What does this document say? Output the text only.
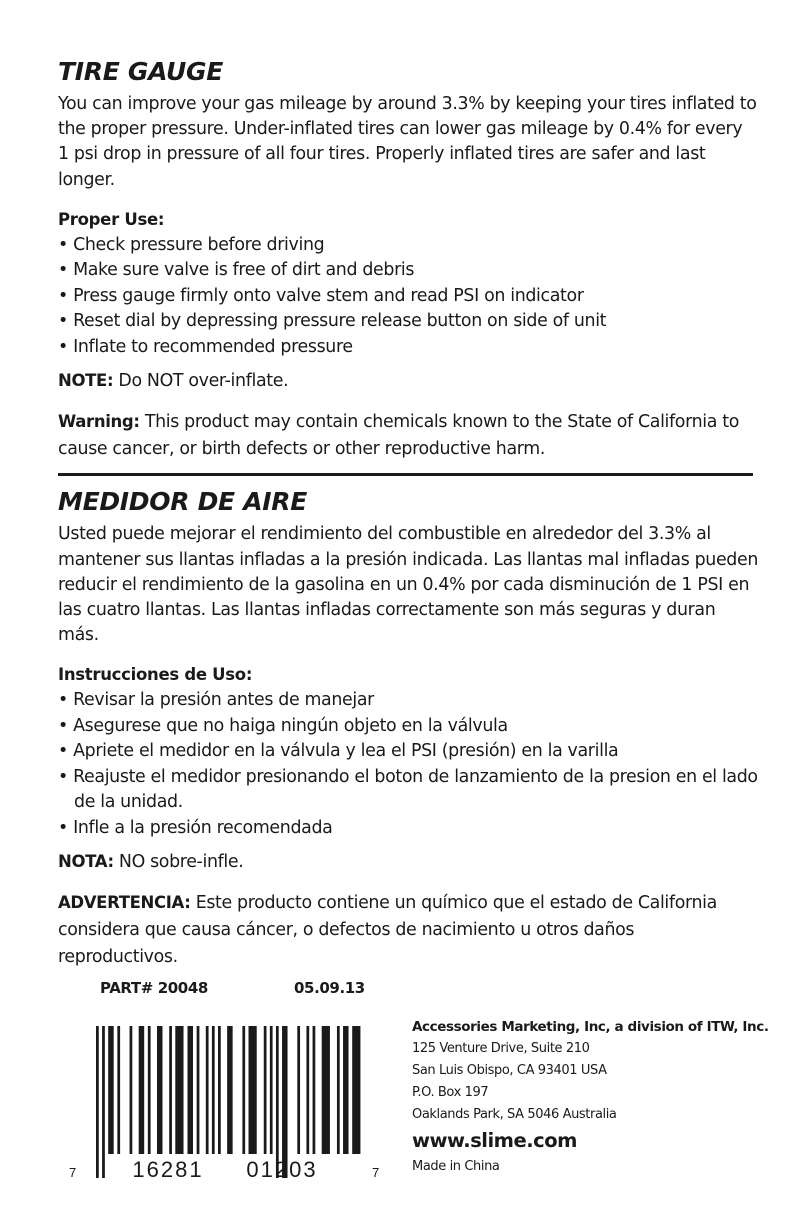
TIRE GAUGE

You can improve your gas mileage by around 3.3% by keeping your tires inflated to the proper pressure. Under-inflated tires can lower gas mileage by 0.4% for every 1 psi drop in pressure of all four tires. Properly inflated tires are safer and last longer.

Proper Use:
• Check pressure before driving
• Make sure valve is free of dirt and debris
• Press gauge firmly onto valve stem and read PSI on indicator
• Reset dial by depressing pressure release button on side of unit
• Inflate to recommended pressure

NOTE: Do NOT over-inflate.

Warning: This product may contain chemicals known to the State of California to cause cancer, or birth defects or other reproductive harm.

MEDIDOR DE AIRE

Usted puede mejorar el rendimiento del combustible en alrededor del 3.3% al mantener sus llantas infladas a la presión indicada. Las llantas mal infladas pueden reducir el rendimiento de la gasolina en un 0.4% por cada disminución de 1 PSI en las cuatro llantas. Las llantas infladas correctamente son más seguras y duran más.

Instrucciones de Uso:
• Revisar la presión antes de manejar
• Asegurese que no haiga ningún objeto en la válvula
• Apriete el medidor en la válvula y lea el PSI (presión) en la varilla
• Reajuste el medidor presionando el boton de lanzamiento de la presion en el lado de la unidad.
• Infle a la presión recomendada

NOTA: NO sobre-infle.

ADVERTENCIA: Este producto contiene un químico que el estado de California considera que causa cáncer, o defectos de nacimiento u otros daños reproductivos.

PART# 20048	05.09.13
7	16281 01203	7
Accessories Marketing, Inc, a division of ITW, Inc.
125 Venture Drive, Suite 210
San Luis Obispo, CA 93401 USA
P.O. Box 197
Oaklands Park, SA 5046 Australia
www.slime.com
Made in China
